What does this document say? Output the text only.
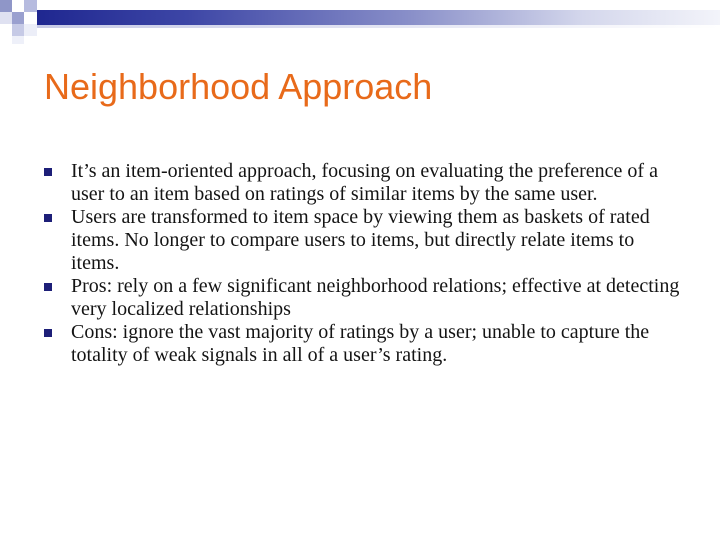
Neighborhood Approach
It’s an item-oriented approach, focusing on evaluating the preference of a user to an item based on ratings of similar items by the same user.
Users are transformed to item space by viewing them as baskets of rated items. No longer to compare users to items, but directly relate items to items.
Pros: rely on a few significant neighborhood relations; effective at detecting very localized relationships
Cons: ignore the vast majority of ratings by a user; unable to capture the totality of weak signals in all of a user’s rating.
